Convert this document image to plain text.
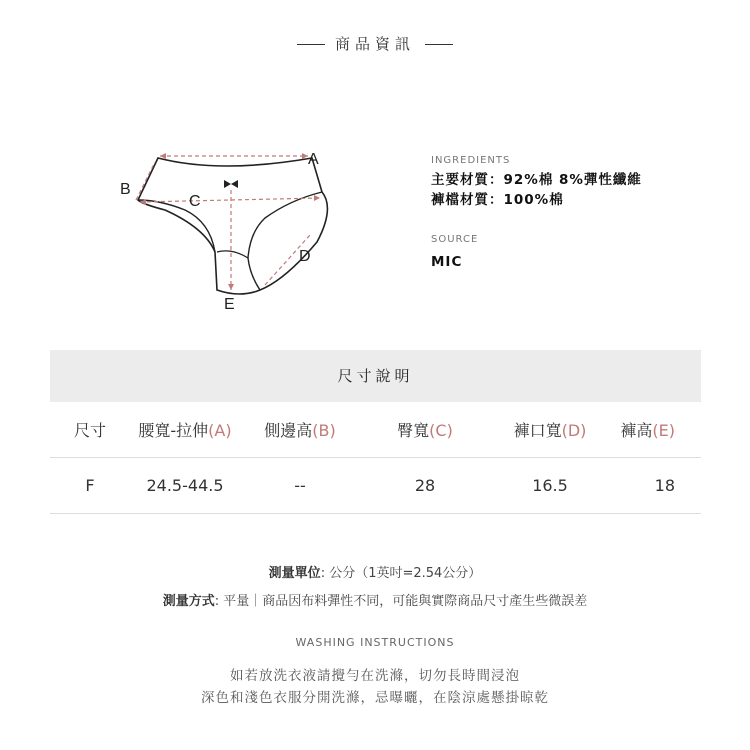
商品資訊
A
B
C
D
E
INGREDIENTS
主要材質：92%棉 8%彈性纖維
褲檔材質：100%棉
SOURCE
MIC
尺寸說明
尺寸	腰寬-拉伸(A)	側邊高(B)	臀寬(C)	褲口寬(D)	褲高(E)
F	24.5-44.5	--	28	16.5	18
測量單位: 公分（1英吋=2.54公分）
測量方式: 平量｜商品因布料彈性不同，可能與實際商品尺寸產生些微誤差
WASHING INSTRUCTIONS
如若放洗衣液請攪勻在洗滌，切勿長時間浸泡
深色和淺色衣服分開洗滌，忌曝曬，在陰涼處懸掛晾乾
